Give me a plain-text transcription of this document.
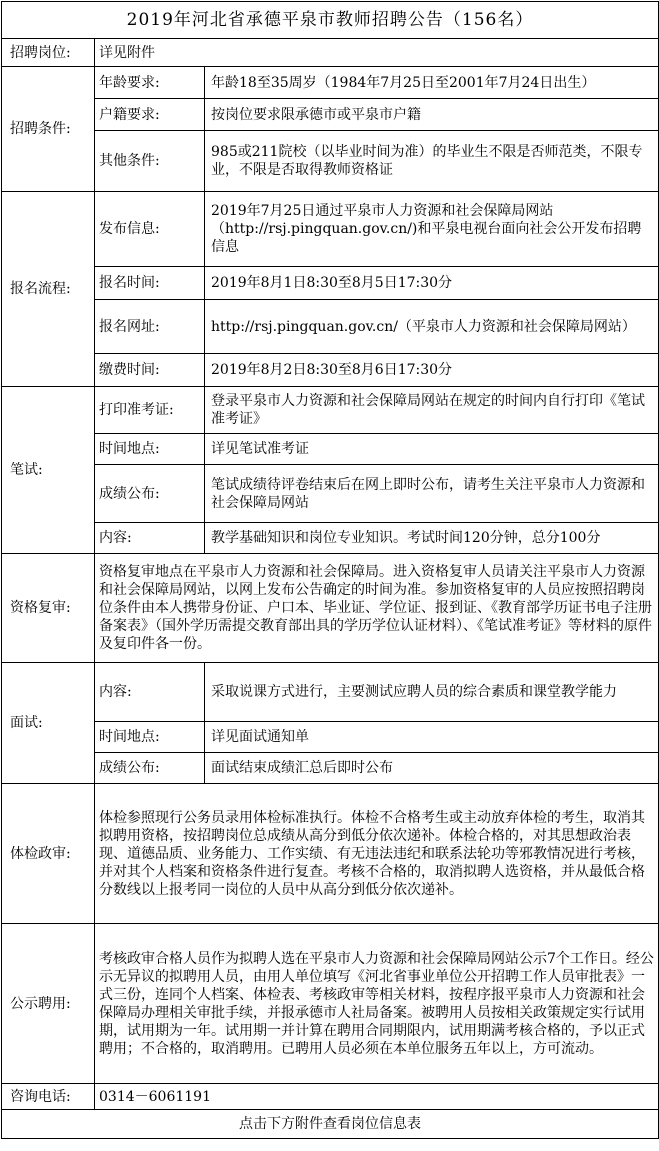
2019年河北省承德平泉市教师招聘公告（156名）		
招聘岗位:	详见附件	
招聘条件:	年龄要求:	年龄18至35周岁（1984年7月25日至2001年7月24日出生）
	户籍要求:	按岗位要求限承德市或平泉市户籍
	其他条件:	985或211院校（以毕业时间为准）的毕业生不限是否师范类，不限专业，不限是否取得教师资格证
报名流程:	发布信息:	2019年7月25日通过平泉市人力资源和社会保障局网站（http://rsj.pingquan.gov.cn/)和平泉电视台面向社会公开发布招聘信息
	报名时间:	2019年8月1日8:30至8月5日17:30分
	报名网址:	http://rsj.pingquan.gov.cn/（平泉市人力资源和社会保障局网站）
	缴费时间:	2019年8月2日8:30至8月6日17:30分
笔试:	打印准考证:	登录平泉市人力资源和社会保障局网站在规定的时间内自行打印《笔试准考证》
	时间地点:	详见笔试准考证
	成绩公布:	笔试成绩待评卷结束后在网上即时公布，请考生关注平泉市人力资源和社会保障局网站
	内容:	教学基础知识和岗位专业知识。考试时间120分钟，总分100分
资格复审:	资格复审地点在平泉市人力资源和社会保障局。进入资格复审人员请关注平泉市人力资源和社会保障局网站，以网上发布公告确定的时间为准。参加资格复审的人员应按照招聘岗位条件由本人携带身份证、户口本、毕业证、学位证、报到证、《教育部学历证书电子注册备案表》（国外学历需提交教育部出具的学历学位认证材料）、《笔试准考证》等材料的原件及复印件各一份。	
面试:	内容:	采取说课方式进行，主要测试应聘人员的综合素质和课堂教学能力
	时间地点:	详见面试通知单
	成绩公布:	面试结束成绩汇总后即时公布
体检政审:	体检参照现行公务员录用体检标准执行。体检不合格考生或主动放弃体检的考生，取消其拟聘用资格，按招聘岗位总成绩从高分到低分依次递补。体检合格的，对其思想政治表现、道德品质、业务能力、工作实绩、有无违法违纪和联系法轮功等邪教情况进行考核，并对其个人档案和资格条件进行复查。考核不合格的，取消拟聘人选资格，并从最低合格分数线以上报考同一岗位的人员中从高分到低分依次递补。	
公示聘用:	考核政审合格人员作为拟聘人选在平泉市人力资源和社会保障局网站公示7个工作日。经公示无异议的拟聘用人员，由用人单位填写《河北省事业单位公开招聘工作人员审批表》一式三份，连同个人档案、体检表、考核政审等相关材料，按程序报平泉市人力资源和社会保障局办理相关审批手续，并报承德市人社局备案。被聘用人员按相关政策规定实行试用期，试用期为一年。试用期一并计算在聘用合同期限内，试用期满考核合格的，予以正式聘用；不合格的，取消聘用。已聘用人员必须在本单位服务五年以上，方可流动。	
咨询电话:	0314－6061191	
点击下方附件查看岗位信息表		
